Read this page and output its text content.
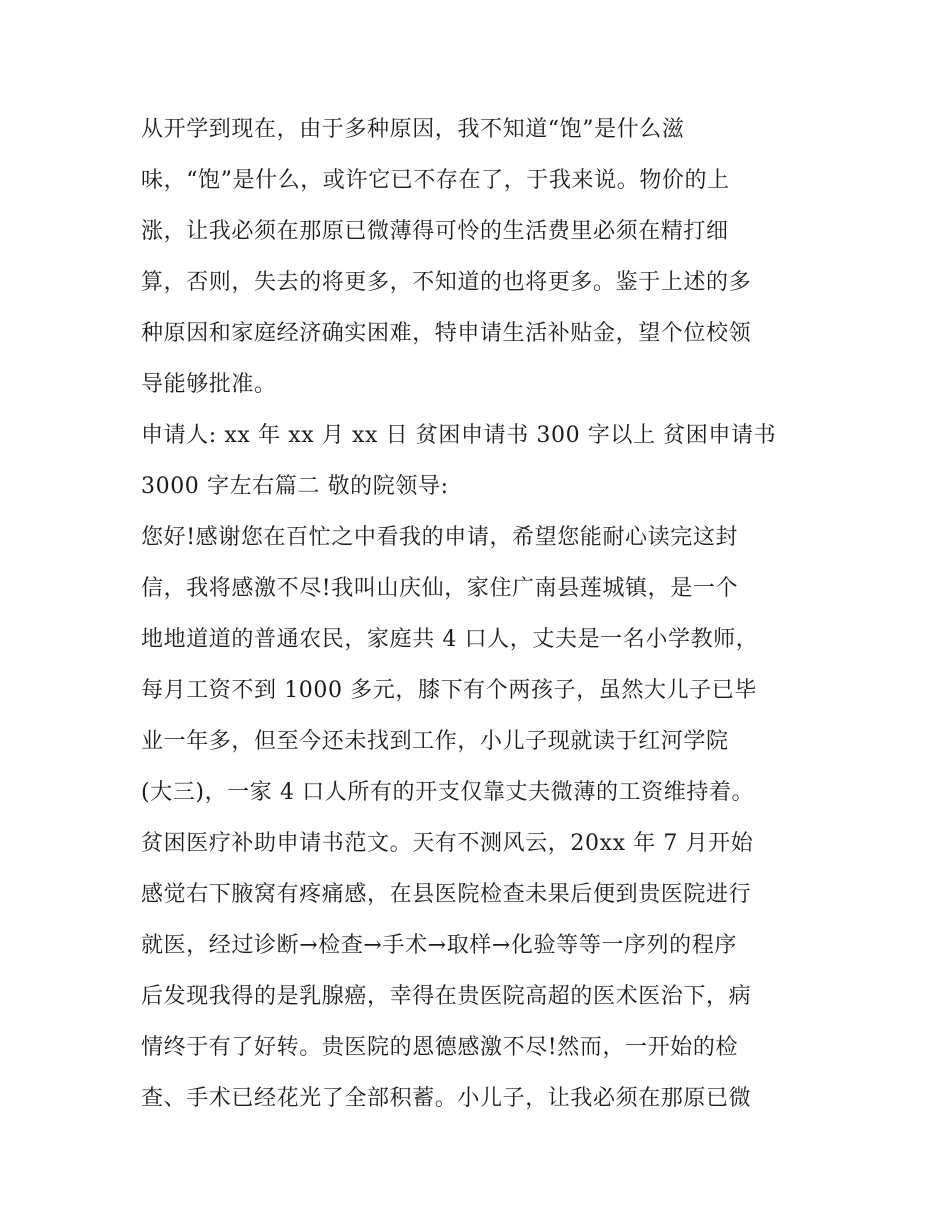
从开学到现在，由于多种原因，我不知道“饱”是什么滋
味，“饱”是什么，或许它已不存在了，于我来说。物价的上
涨，让我必须在那原已微薄得可怜的生活费里必须在精打细
算，否则，失去的将更多，不知道的也将更多。鉴于上述的多
种原因和家庭经济确实困难，特申请生活补贴金，望个位校领
导能够批准。
申请人: xx 年 xx 月 xx 日 贫困申请书 300 字以上 贫困申请书
3000 字左右篇二 敬的院领导:
您好!感谢您在百忙之中看我的申请，希望您能耐心读完这封
信，我将感激不尽!我叫山庆仙，家住广南县莲城镇，是一个
地地道道的普通农民，家庭共 4 口人，丈夫是一名小学教师，
每月工资不到 1000 多元，膝下有个两孩子，虽然大儿子已毕
业一年多，但至今还未找到工作，小儿子现就读于红河学院
(大三)，一家 4 口人所有的开支仅靠丈夫微薄的工资维持着。
贫困医疗补助申请书范文。天有不测风云，20xx 年 7 月开始
感觉右下腋窝有疼痛感，在县医院检查未果后便到贵医院进行
就医，经过诊断→检查→手术→取样→化验等等一序列的程序
后发现我得的是乳腺癌，幸得在贵医院高超的医术医治下，病
情终于有了好转。贵医院的恩德感激不尽!然而，一开始的检
查、手术已经花光了全部积蓄。小儿子，让我必须在那原已微
